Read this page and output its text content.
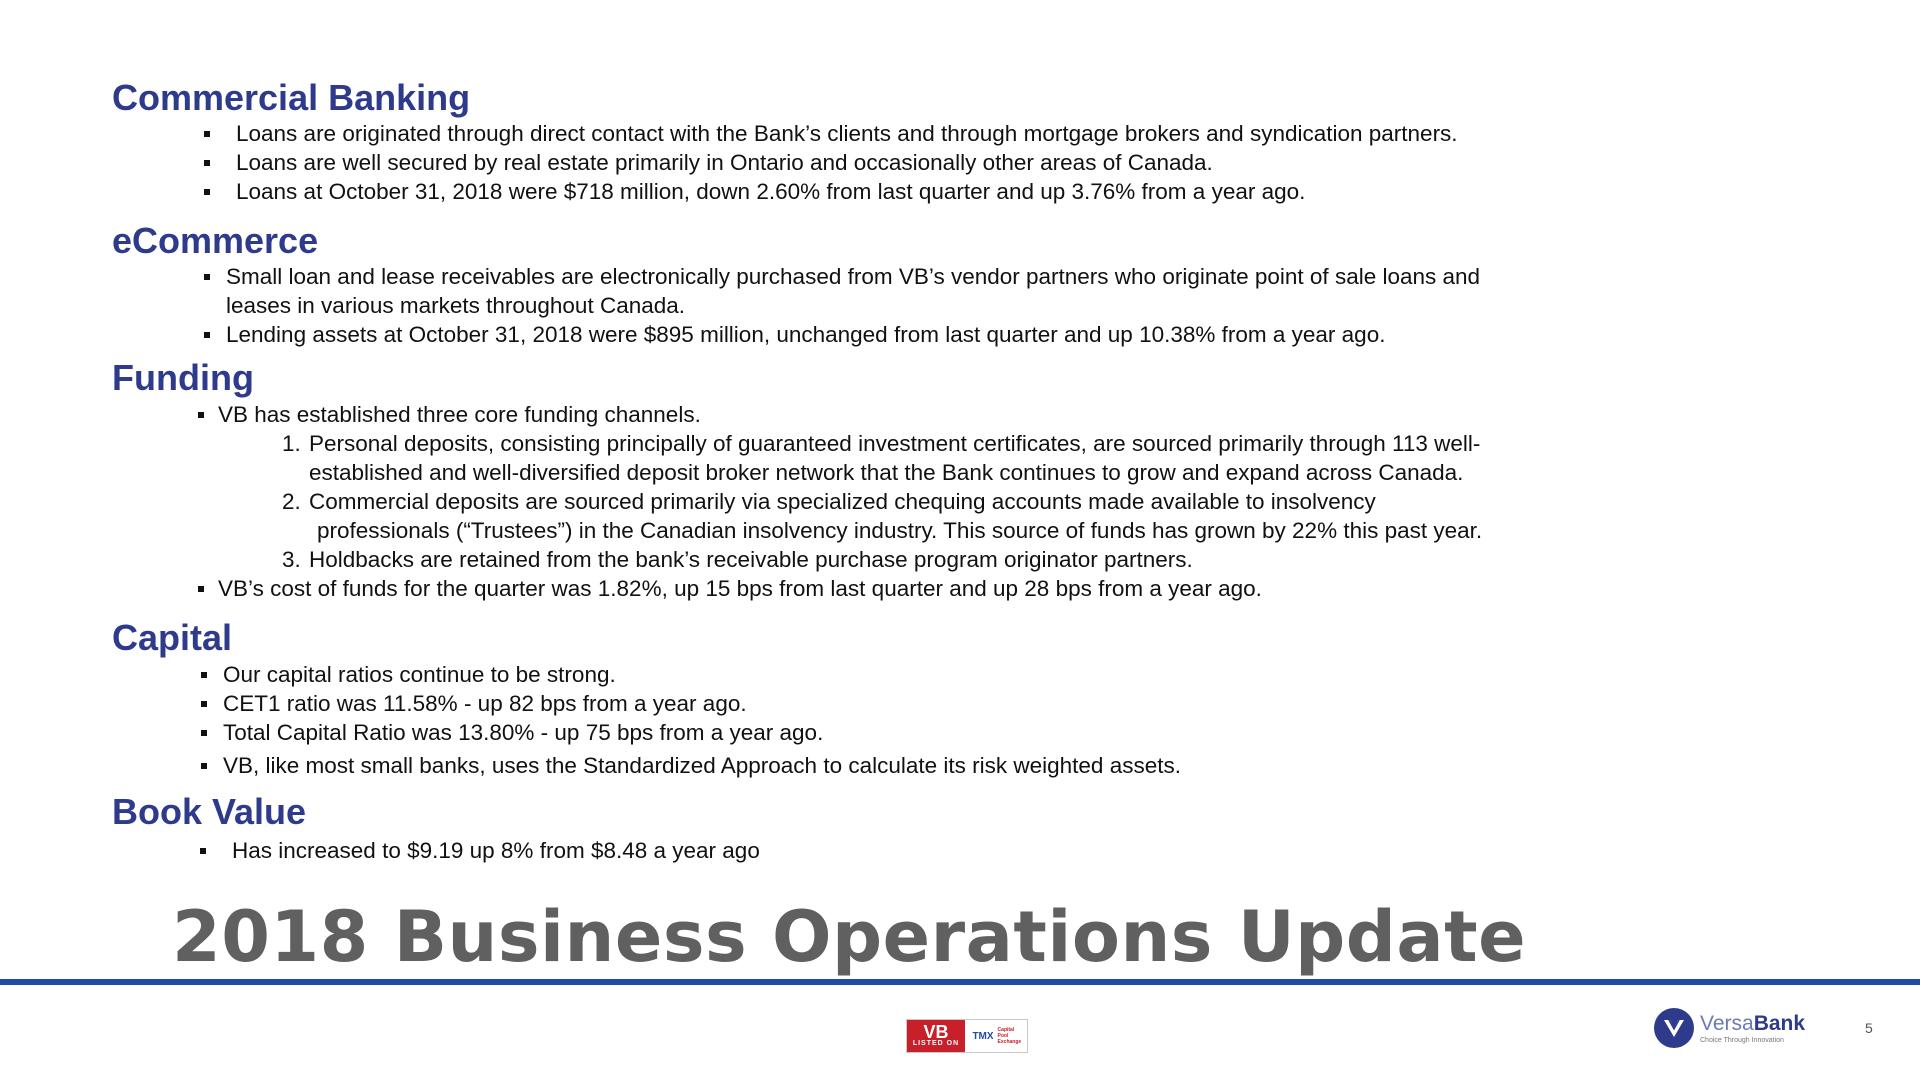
Commercial Banking
Loans are originated through direct contact with the Bank’s clients and through mortgage brokers and syndication partners.
Loans are well secured by real estate primarily in Ontario and occasionally other areas of Canada.
Loans at October 31, 2018 were $718 million, down 2.60% from last quarter and up 3.76% from a year ago.
eCommerce
Small loan and lease receivables are electronically purchased from VB’s vendor partners who originate point of sale loans and
leases in various markets throughout Canada.
Lending assets at October 31, 2018 were $895 million, unchanged from last quarter and up 10.38% from a year ago.
Funding
VB has established three core funding channels.
1. Personal deposits, consisting principally of guaranteed investment certificates, are sourced primarily through 113 well-
established and well-diversified deposit broker network that the Bank continues to grow and expand across Canada.
2. Commercial deposits are sourced primarily via specialized chequing accounts made available to insolvency
professionals (“Trustees”) in the Canadian insolvency industry. This source of funds has grown by 22% this past year.
3. Holdbacks are retained from the bank’s receivable purchase program originator partners.
VB’s cost of funds for the quarter was 1.82%, up 15 bps from last quarter and up 28 bps from a year ago.
Capital
Our capital ratios continue to be strong.
CET1 ratio was 11.58% - up 82 bps from a year ago.
Total Capital Ratio was 13.80% - up 75 bps from a year ago.
VB, like most small banks, uses the Standardized Approach to calculate its risk weighted assets.
Book Value
Has increased to $9.19 up 8% from $8.48 a year ago
2018 Business Operations Update
VB
LISTED ON
TMX
Capital Pool Exchange
VersaBank
Choice Through Innovation
5
